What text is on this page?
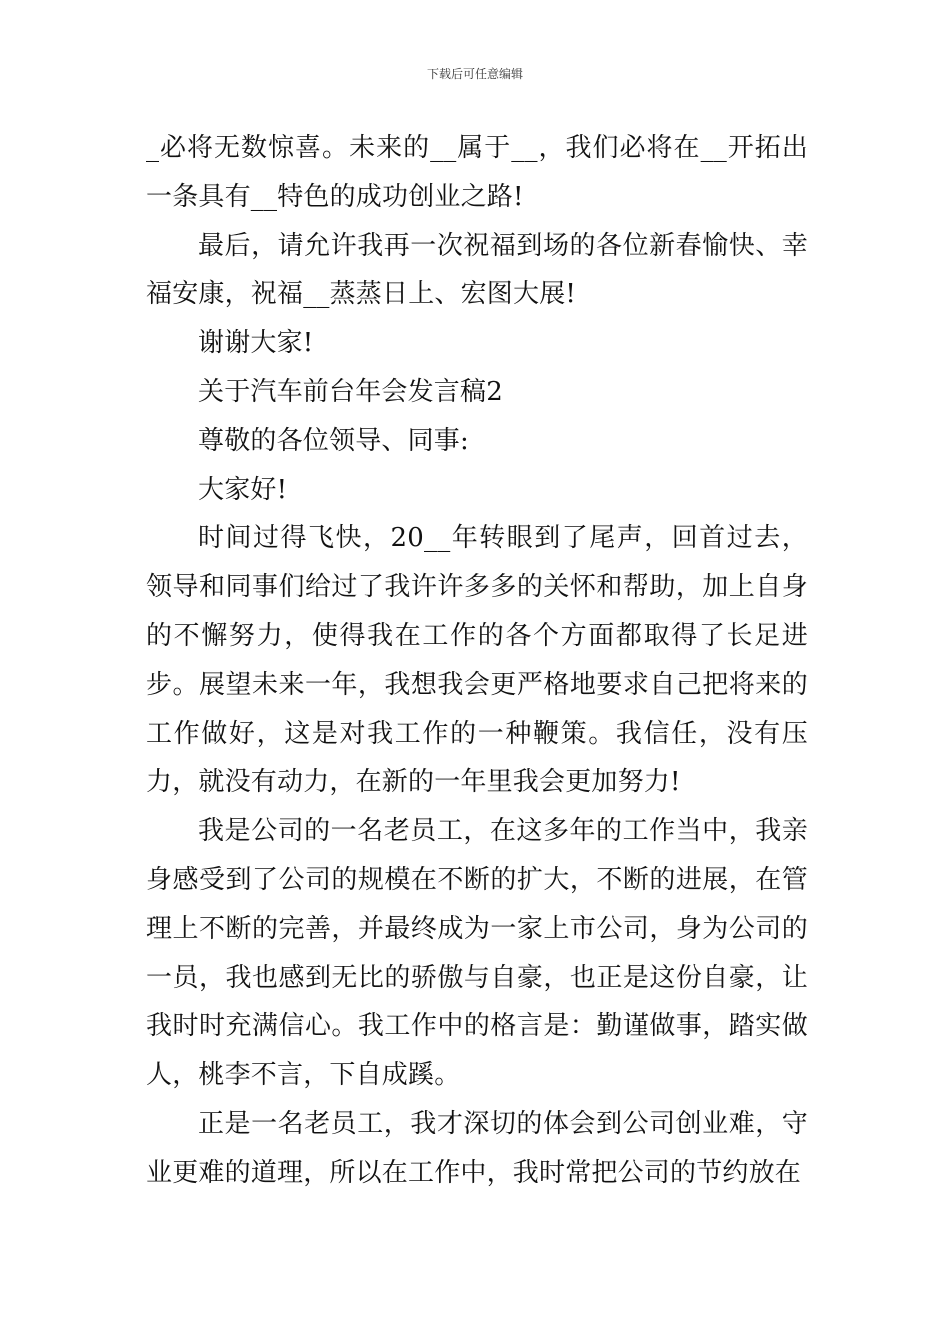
下载后可任意编辑

_必将无数惊喜。未来的__属于__，我们必将在__开拓出一条具有__特色的成功创业之路!

最后，请允许我再一次祝福到场的各位新春愉快、幸福安康，祝福__蒸蒸日上、宏图大展!

谢谢大家!

关于汽车前台年会发言稿2

尊敬的各位领导、同事:

大家好!

时间过得飞快，20__年转眼到了尾声，回首过去，领导和同事们给过了我许许多多的关怀和帮助，加上自身的不懈努力，使得我在工作的各个方面都取得了长足进步。展望未来一年，我想我会更严格地要求自己把将来的工作做好，这是对我工作的一种鞭策。我信任，没有压力，就没有动力，在新的一年里我会更加努力!

我是公司的一名老员工，在这多年的工作当中，我亲身感受到了公司的规模在不断的扩大，不断的进展，在管理上不断的完善，并最终成为一家上市公司，身为公司的一员，我也感到无比的骄傲与自豪，也正是这份自豪，让我时时充满信心。我工作中的格言是：勤谨做事，踏实做人，桃李不言，下自成蹊。

正是一名老员工，我才深切的体会到公司创业难，守业更难的道理，所以在工作中，我时常把公司的节约放在
